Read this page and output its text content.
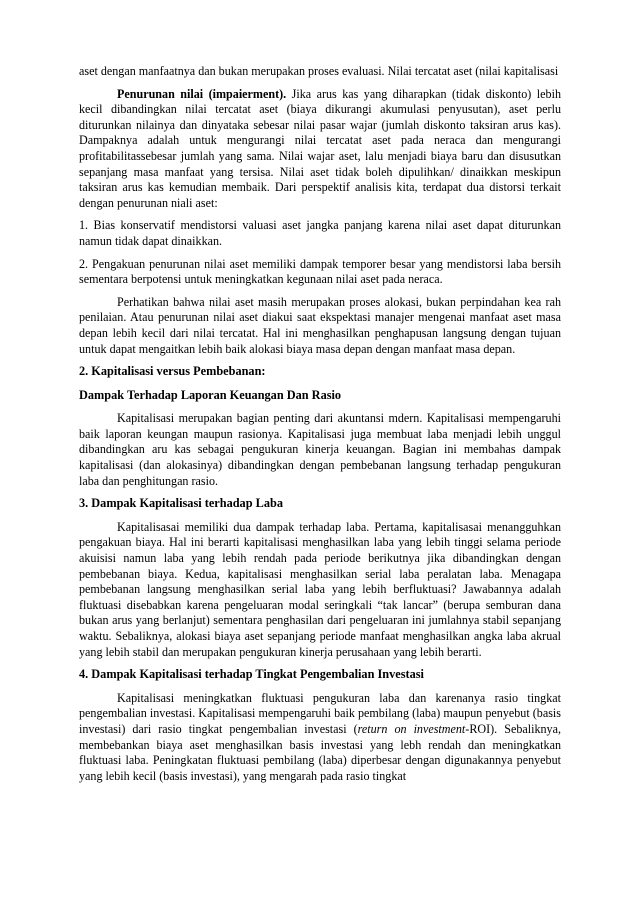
aset dengan manfaatnya dan bukan merupakan proses evaluasi. Nilai tercatat aset (nilai kapitalisasi

Penurunan nilai (impaierment). Jika arus kas yang diharapkan (tidak diskonto) lebih kecil dibandingkan nilai tercatat aset (biaya dikurangi akumulasi penyusutan), aset perlu diturunkan nilainya dan dinyataka sebesar nilai pasar wajar (jumlah diskonto taksiran arus kas). Dampaknya adalah untuk mengurangi nilai tercatat aset pada neraca dan mengurangi profitabilitassebesar jumlah yang sama. Nilai wajar aset, lalu menjadi biaya baru dan disusutkan sepanjang masa manfaat yang tersisa. Nilai aset tidak boleh dipulihkan/ dinaikkan meskipun taksiran arus kas kemudian membaik. Dari perspektif analisis kita, terdapat dua distorsi terkait dengan penurunan niali aset:

1. Bias konservatif mendistorsi valuasi aset jangka panjang karena nilai aset dapat diturunkan namun tidak dapat dinaikkan.

2. Pengakuan penurunan nilai aset memiliki dampak temporer besar yang mendistorsi laba bersih sementara berpotensi untuk meningkatkan kegunaan nilai aset pada neraca.

Perhatikan bahwa nilai aset masih merupakan proses alokasi, bukan perpindahan kea rah penilaian. Atau penurunan nilai aset diakui saat ekspektasi manajer mengenai manfaat aset masa depan lebih kecil dari nilai tercatat. Hal ini menghasilkan penghapusan langsung dengan tujuan untuk dapat mengaitkan lebih baik alokasi biaya masa depan dengan manfaat masa depan.

2. Kapitalisasi versus Pembebanan:

Dampak Terhadap Laporan Keuangan Dan Rasio

Kapitalisasi merupakan bagian penting dari akuntansi mdern. Kapitalisasi mempengaruhi baik laporan keungan maupun rasionya. Kapitalisasi juga membuat laba menjadi lebih unggul dibandingkan aru kas sebagai pengukuran kinerja keuangan. Bagian ini membahas dampak kapitalisasi (dan alokasinya) dibandingkan dengan pembebanan langsung terhadap pengukuran laba dan penghitungan rasio.

3. Dampak Kapitalisasi terhadap Laba

Kapitalisasai memiliki dua dampak terhadap laba. Pertama, kapitalisasai menangguhkan pengakuan biaya. Hal ini berarti kapitalisasi menghasilkan laba yang lebih tinggi selama periode akuisisi namun laba yang lebih rendah pada periode berikutnya jika dibandingkan dengan pembebanan biaya. Kedua, kapitalisasi menghasilkan serial laba peralatan laba. Menagapa pembebanan langsung menghasilkan serial laba yang lebih berfluktuasi? Jawabannya adalah fluktuasi disebabkan karena pengeluaran modal seringkali “tak lancar” (berupa semburan dana bukan arus yang berlanjut) sementara penghasilan dari pengeluaran ini jumlahnya stabil sepanjang waktu. Sebaliknya, alokasi biaya aset sepanjang periode manfaat menghasilkan angka laba akrual yang lebih stabil dan merupakan pengukuran kinerja perusahaan yang lebih berarti.

4. Dampak Kapitalisasi terhadap Tingkat Pengembalian Investasi

Kapitalisasi meningkatkan fluktuasi pengukuran laba dan karenanya rasio tingkat pengembalian investasi. Kapitalisasi mempengaruhi baik pembilang (laba) maupun penyebut (basis investasi) dari rasio tingkat pengembalian investasi (return on investment-ROI). Sebaliknya, membebankan biaya aset menghasilkan basis investasi yang lebh rendah dan meningkatkan fluktuasi laba. Peningkatan fluktuasi pembilang (laba) diperbesar dengan digunakannya penyebut yang lebih kecil (basis investasi), yang mengarah pada rasio tingkat
